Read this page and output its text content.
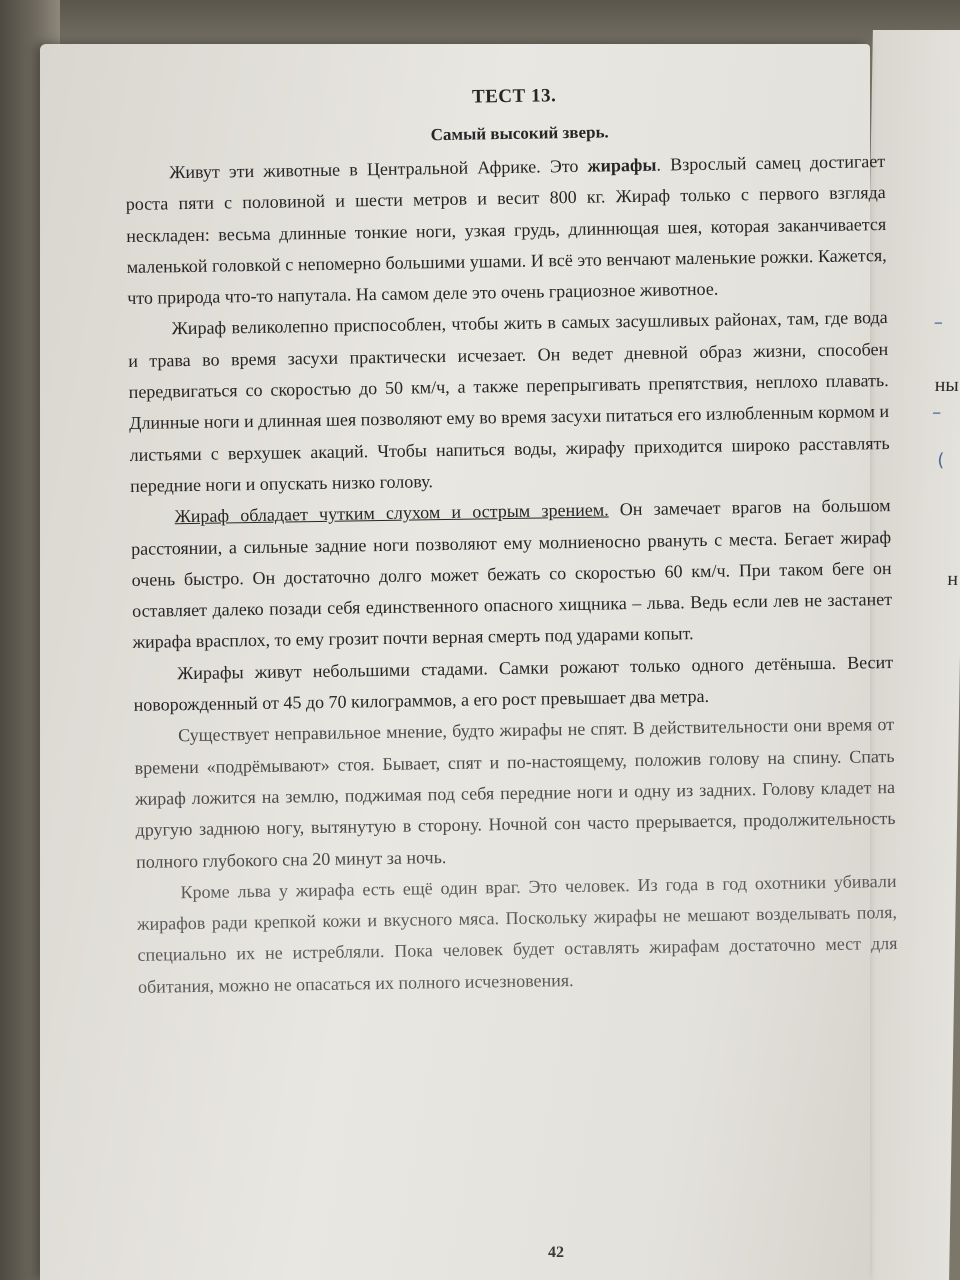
–
ны
–
(
н
ТЕСТ 13.
Самый высокий зверь.

Живут эти животные в Центральной Африке. Это жирафы. Взрослый самец достигает роста пяти с половиной и шести метров и весит 800 кг. Жираф только с первого взгляда нескладен: весьма длинные тонкие ноги, узкая грудь, длиннющая шея, которая заканчивается маленькой головкой с непомерно большими ушами. И всё это венчают маленькие рожки. Кажется, что природа что-то напутала. На самом деле это очень грациозное животное.

Жираф великолепно приспособлен, чтобы жить в самых засушливых районах, там, где вода и трава во время засухи практически исчезает. Он ведет дневной образ жизни, способен передвигаться со скоростью до 50 км/ч, а также перепрыгивать препятствия, неплохо плавать. Длинные ноги и длинная шея позволяют ему во время засухи питаться его излюбленным кормом и листьями с верхушек акаций. Чтобы напиться воды, жирафу приходится широко расставлять передние ноги и опускать низко голову.

Жираф обладает чутким слухом и острым зрением. Он замечает врагов на большом расстоянии, а сильные задние ноги позволяют ему молниеносно рвануть с места. Бегает жираф очень быстро. Он достаточно долго может бежать со скоростью 60 км/ч. При таком беге он оставляет далеко позади себя единственного опасного хищника – льва. Ведь если лев не застанет жирафа врасплох, то ему грозит почти верная смерть под ударами копыт.

Жирафы живут небольшими стадами. Самки рожают только одного детёныша. Весит новорожденный от 45 до 70 килограммов, а его рост превышает два метра.

Существует неправильное мнение, будто жирафы не спят. В действительности они время от времени «подрёмывают» стоя. Бывает, спят и по-настоящему, положив голову на спину. Спать жираф ложится на землю, поджимая под себя передние ноги и одну из задних. Голову кладет на другую заднюю ногу, вытянутую в сторону. Ночной сон часто прерывается, продолжительность полного глубокого сна 20 минут за ночь.

Кроме льва у жирафа есть ещё один враг. Это человек. Из года в год охотники убивали жирафов ради крепкой кожи и вкусного мяса. Поскольку жирафы не мешают возделывать поля, специально их не истребляли. Пока человек будет оставлять жирафам достаточно мест для обитания, можно не опасаться их полного исчезновения.

42
